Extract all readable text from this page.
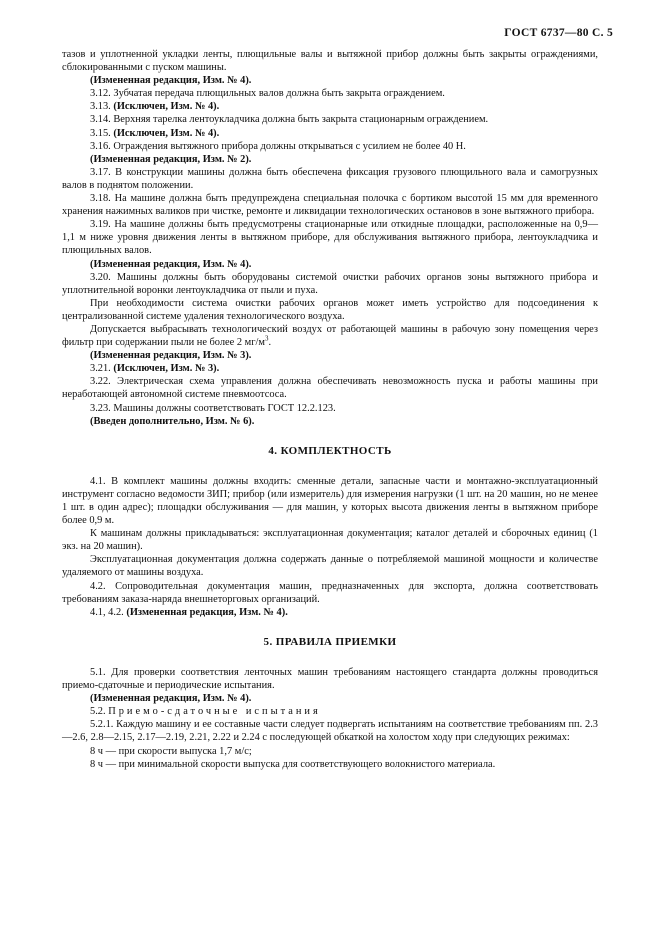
ГОСТ 6737—80 С. 5

тазов и уплотненной укладки ленты, плющильные валы и вытяжной прибор должны быть закрыты ограждениями, сблокированными с пуском машины.

(Измененная редакция, Изм. № 4).

3.12. Зубчатая передача плющильных валов должна быть закрыта ограждением.

3.13. (Исключен, Изм. № 4).

3.14. Верхняя тарелка лентоукладчика должна быть закрыта стационарным ограждением.

3.15. (Исключен, Изм. № 4).

3.16. Ограждения вытяжного прибора должны открываться с усилием не более 40 Н.

(Измененная редакция, Изм. № 2).

3.17. В конструкции машины должна быть обеспечена фиксация грузового плющильного вала и самогрузных валов в поднятом положении.

3.18. На машине должна быть предупреждена специальная полочка с бортиком высотой 15 мм для временного хранения нажимных валиков при чистке, ремонте и ликвидации технологических остановов в зоне вытяжного прибора.

3.19. На машине должны быть предусмотрены стационарные или откидные площадки, расположенные на 0,9—1,1 м ниже уровня движения ленты в вытяжном приборе, для обслуживания вытяжного прибора, лентоукладчика и плющильных валов.

(Измененная редакция, Изм. № 4).

3.20. Машины должны быть оборудованы системой очистки рабочих органов зоны вытяжного прибора и уплотнительной воронки лентоукладчика от пыли и пуха.

При необходимости система очистки рабочих органов может иметь устройство для подсоединения к централизованной системе удаления технологического воздуха.

Допускается выбрасывать технологический воздух от работающей машины в рабочую зону помещения через фильтр при содержании пыли не более 2 $мг/м^3$.

(Измененная редакция, Изм. № 3).

3.21. (Исключен, Изм. № 3).

3.22. Электрическая схема управления должна обеспечивать невозможность пуска и работы машины при неработающей автономной системе пневмоотсоса.

3.23. Машины должны соответствовать ГОСТ 12.2.123.

(Введен дополнительно, Изм. № 6).

4. КОМПЛЕКТНОСТЬ

4.1. В комплект машины должны входить: сменные детали, запасные части и монтажно-эксплуатационный инструмент согласно ведомости ЗИП; прибор (или измеритель) для измерения нагрузки (1 шт. на 20 машин, но не менее 1 шт. в один адрес); площадки обслуживания — для машин, у которых высота движения ленты в вытяжном приборе более 0,9 м.

К машинам должны прикладываться: эксплуатационная документация; каталог деталей и сборочных единиц (1 экз. на 20 машин).

Эксплуатационная документация должна содержать данные о потребляемой машиной мощности и количестве удаляемого от машины воздуха.

4.2. Сопроводительная документация машин, предназначенных для экспорта, должна соответствовать требованиям заказа-наряда внешнеторговых организаций.

4.1, 4.2. (Измененная редакция, Изм. № 4).

5. ПРАВИЛА ПРИЕМКИ

5.1. Для проверки соответствия ленточных машин требованиям настоящего стандарта должны проводиться приемо-сдаточные и периодические испытания.

(Измененная редакция, Изм. № 4).

5.2. Приемо-сдаточные испытания

5.2.1. Каждую машину и ее составные части следует подвергать испытаниям на соответствие требованиям пп. 2.3—2.6, 2.8—2.15, 2.17—2.19, 2.21, 2.22 и 2.24 с последующей обкаткой на холостом ходу при следующих режимах:

8 ч — при скорости выпуска 1,7 м/с;

8 ч — при минимальной скорости выпуска для соответствующего волокнистого материала.
